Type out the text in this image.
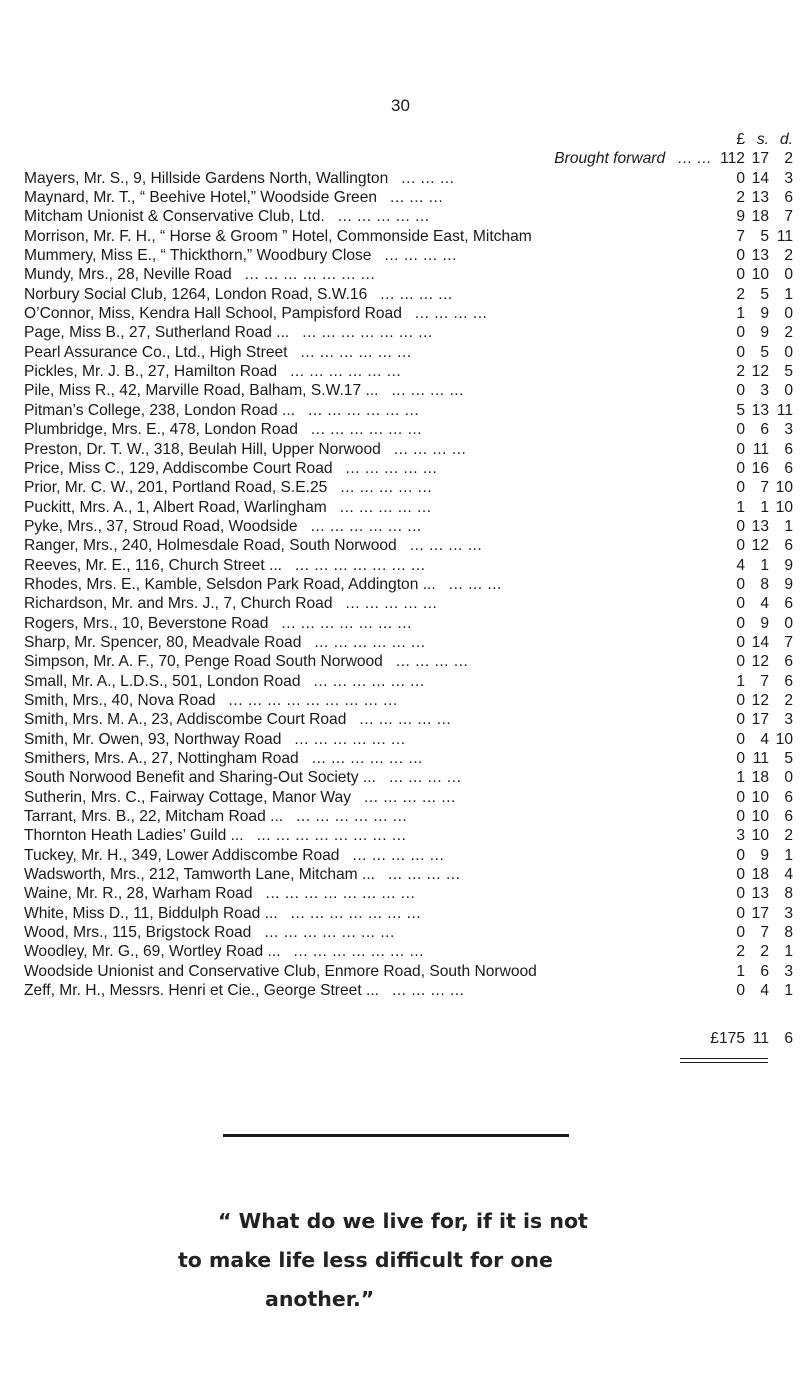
30
£ s. d.
Brought forward ... ... 112 17 2
Mayers, Mr. S., 9, Hillside Gardens North, Wallington ... ... ...	0 14 3
Maynard, Mr. T., “ Beehive Hotel,” Woodside Green ... ... ...	2 13 6
Mitcham Unionist & Conservative Club, Ltd. ... ... ... ... ...	9 18 7
Morrison, Mr. F. H., “ Horse & Groom ” Hotel, Commonside East, Mitcham	7 5 11
Mummery, Miss E., “ Thickthorn,” Woodbury Close ... ... ... ...	0 13 2
Mundy, Mrs., 28, Neville Road ... ... ... ... ... ... ...	0 10 0
Norbury Social Club, 1264, London Road, S.W.16 ... ... ... ...	2 5 1
O’Connor, Miss, Kendra Hall School, Pampisford Road ... ... ... ...	1 9 0
Page, Miss B., 27, Sutherland Road ... ... ... ... ... ... ... ...	0 9 2
Pearl Assurance Co., Ltd., High Street ... ... ... ... ... ...	0 5 0
Pickles, Mr. J. B., 27, Hamilton Road ... ... ... ... ... ...	2 12 5
Pile, Miss R., 42, Marville Road, Balham, S.W.17 ... ... ... ... ...	0 3 0
Pitman’s College, 238, London Road ... ... ... ... ... ... ...	5 13 11
Plumbridge, Mrs. E., 478, London Road ... ... ... ... ... ...	0 6 3
Preston, Dr. T. W., 318, Beulah Hill, Upper Norwood ... ... ... ...	0 11 6
Price, Miss C., 129, Addiscombe Court Road ... ... ... ... ...	0 16 6
Prior, Mr. C. W., 201, Portland Road, S.E.25 ... ... ... ... ...	0 7 10
Puckitt, Mrs. A., 1, Albert Road, Warlingham ... ... ... ... ...	1 1 10
Pyke, Mrs., 37, Stroud Road, Woodside ... ... ... ... ... ...	0 13 1
Ranger, Mrs., 240, Holmesdale Road, South Norwood ... ... ... ...	0 12 6
Reeves, Mr. E., 116, Church Street ... ... ... ... ... ... ... ...	4 1 9
Rhodes, Mrs. E., Kamble, Selsdon Park Road, Addington ... ... ... ...	0 8 9
Richardson, Mr. and Mrs. J., 7, Church Road ... ... ... ... ...	0 4 6
Rogers, Mrs., 10, Beverstone Road ... ... ... ... ... ... ...	0 9 0
Sharp, Mr. Spencer, 80, Meadvale Road ... ... ... ... ... ...	0 14 7
Simpson, Mr. A. F., 70, Penge Road South Norwood ... ... ... ...	0 12 6
Small, Mr. A., L.D.S., 501, London Road ... ... ... ... ... ...	1 7 6
Smith, Mrs., 40, Nova Road ... ... ... ... ... ... ... ... ...	0 12 2
Smith, Mrs. M. A., 23, Addiscombe Court Road ... ... ... ... ...	0 17 3
Smith, Mr. Owen, 93, Northway Road ... ... ... ... ... ...	0 4 10
Smithers, Mrs. A., 27, Nottingham Road ... ... ... ... ... ...	0 11 5
South Norwood Benefit and Sharing-Out Society ... ... ... ... ...	1 18 0
Sutherin, Mrs. C., Fairway Cottage, Manor Way ... ... ... ... ...	0 10 6
Tarrant, Mrs. B., 22, Mitcham Road ... ... ... ... ... ... ...	0 10 6
Thornton Heath Ladies’ Guild ... ... ... ... ... ... ... ... ...	3 10 2
Tuckey, Mr. H., 349, Lower Addiscombe Road ... ... ... ... ...	0 9 1
Wadsworth, Mrs., 212, Tamworth Lane, Mitcham ... ... ... ... ...	0 18 4
Waine, Mr. R., 28, Warham Road ... ... ... ... ... ... ... ...	0 13 8
White, Miss D., 11, Biddulph Road ... ... ... ... ... ... ... ...	0 17 3
Wood, Mrs., 115, Brigstock Road ... ... ... ... ... ... ...	0 7 8
Woodley, Mr. G., 69, Wortley Road ... ... ... ... ... ... ... ...	2 2 1
Woodside Unionist and Conservative Club, Enmore Road, South Norwood	1 6 3
Zeff, Mr. H., Messrs. Henri et Cie., George Street ... ... ... ... ...	0 4 1
£175 11 6
“ What do we live for, if it is not
to make life less difficult for one
another.”
